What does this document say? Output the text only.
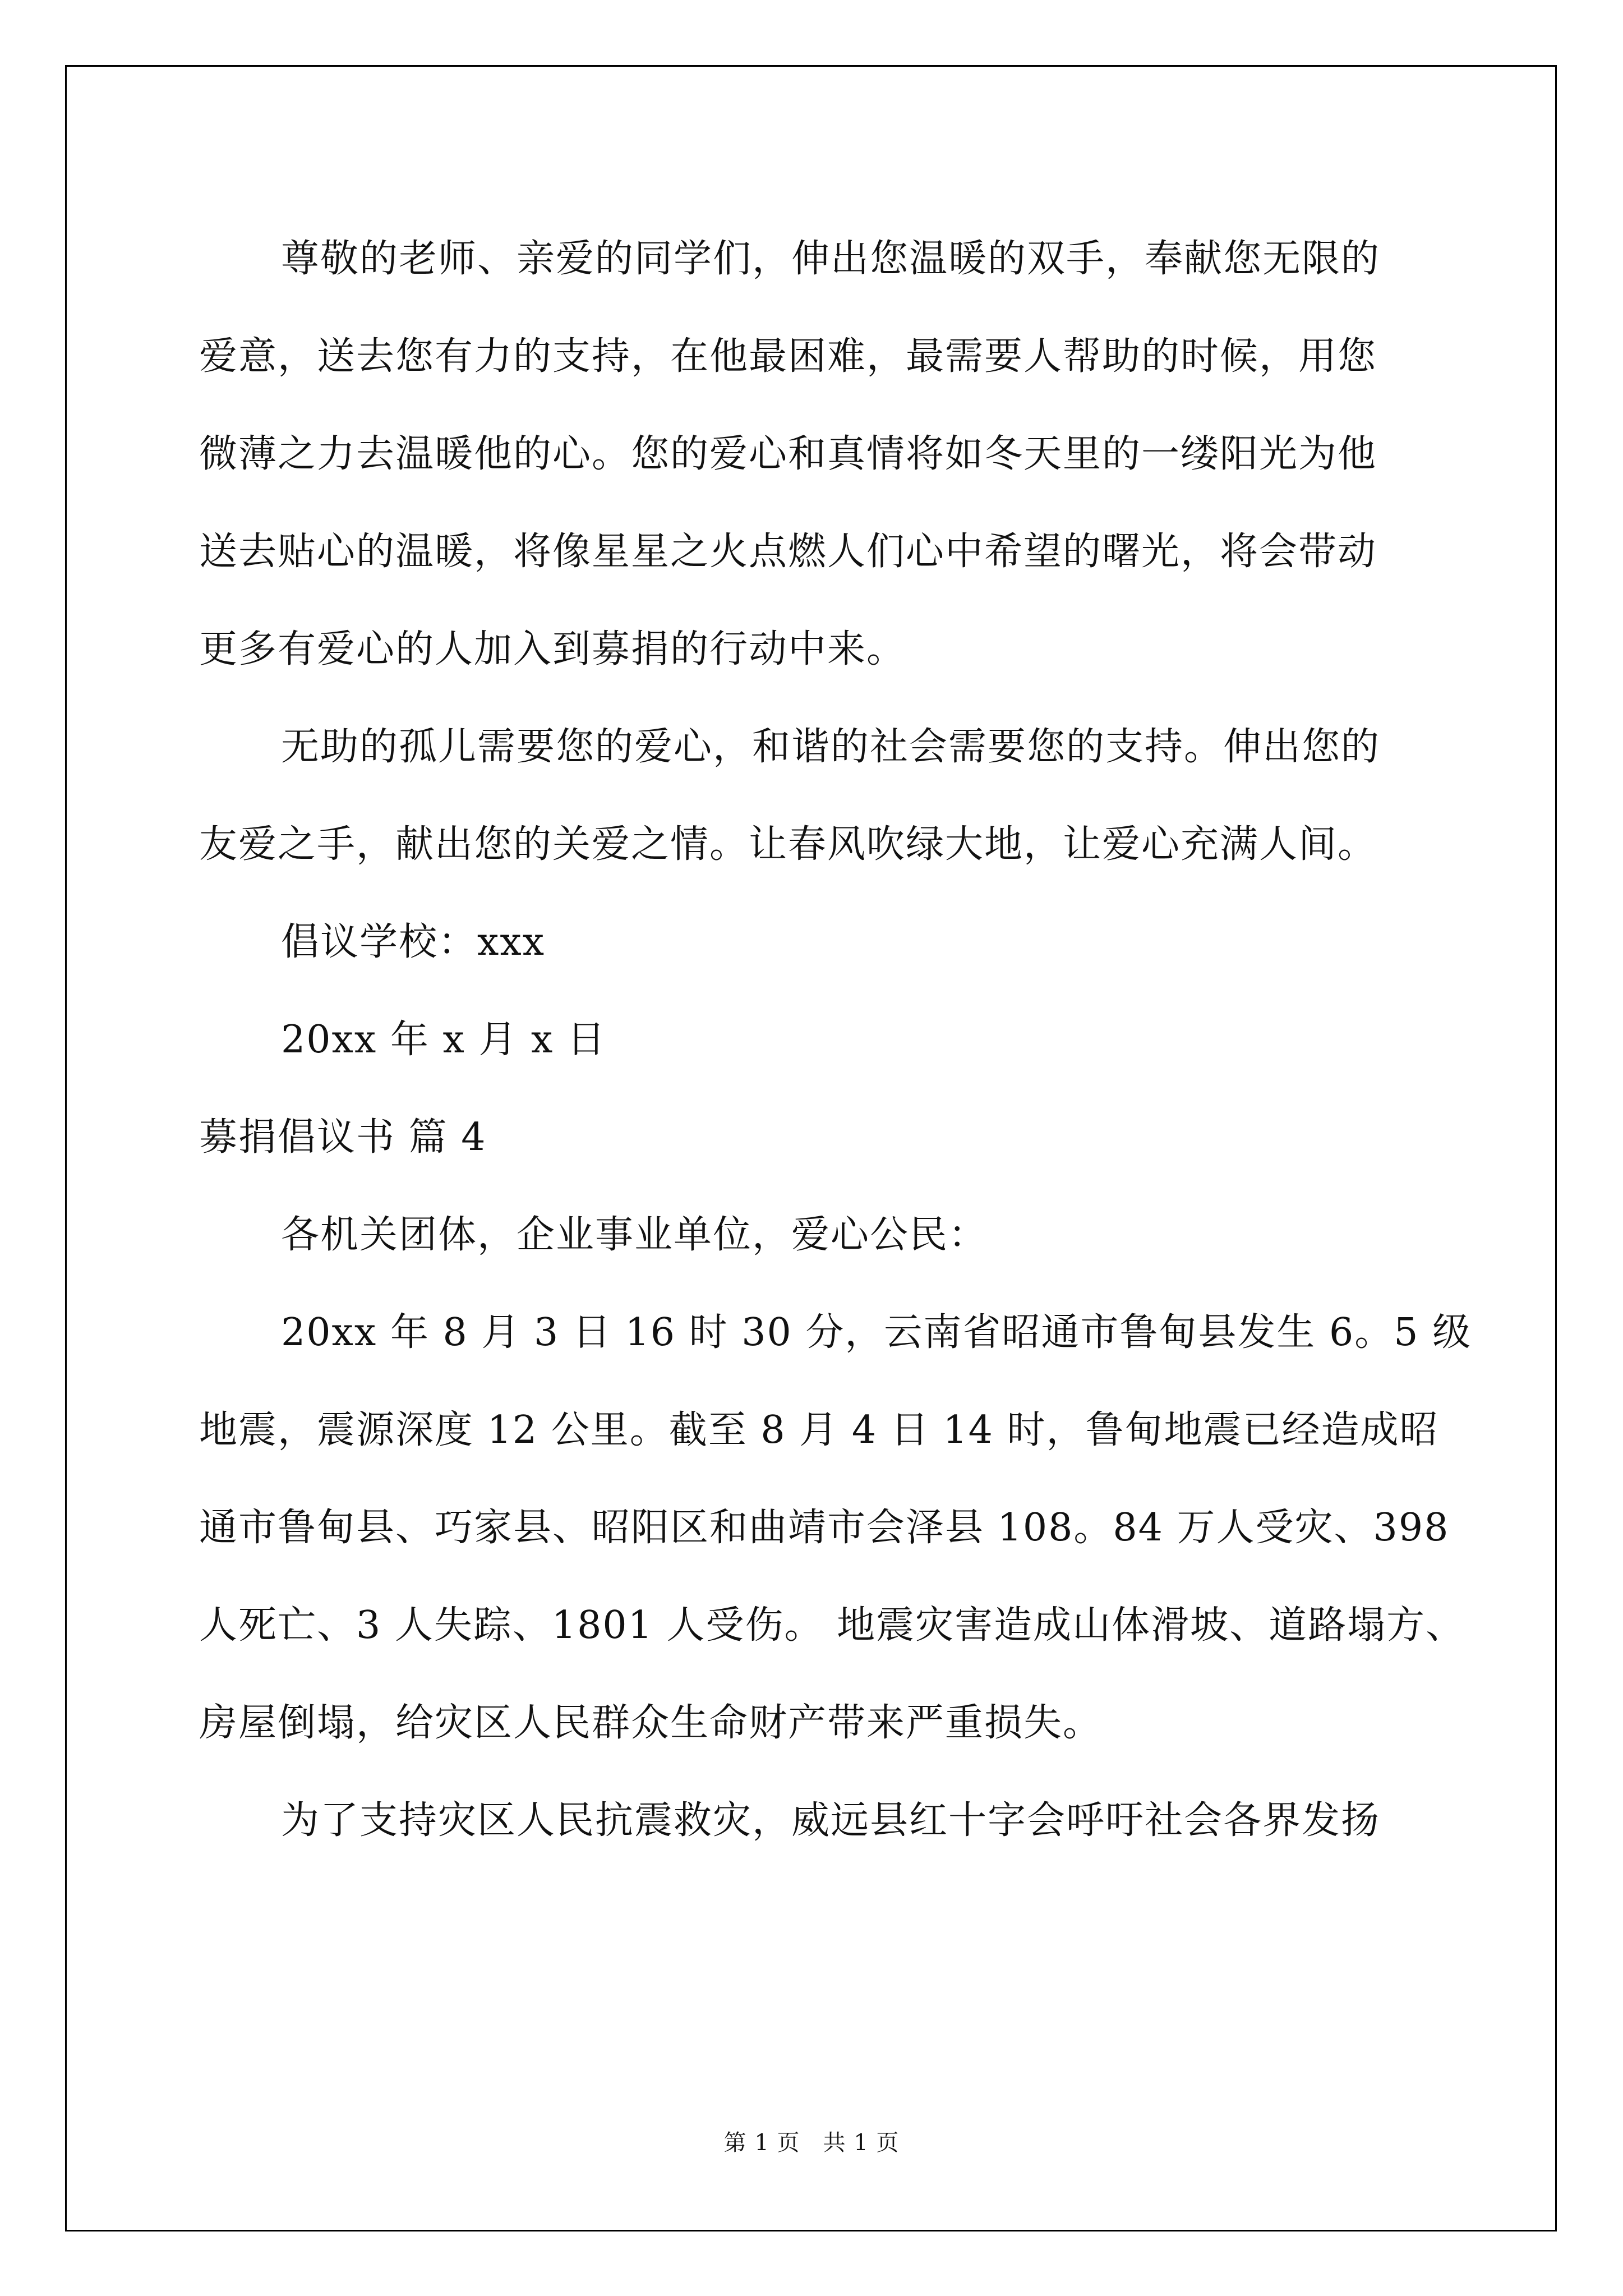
尊敬的老师、亲爱的同学们，伸出您温暖的双手，奉献您无限的
爱意，送去您有力的支持，在他最困难，最需要人帮助的时候，用您
微薄之力去温暖他的心。您的爱心和真情将如冬天里的一缕阳光为他
送去贴心的温暖，将像星星之火点燃人们心中希望的曙光，将会带动
更多有爱心的人加入到募捐的行动中来。

无助的孤儿需要您的爱心，和谐的社会需要您的支持。伸出您的
友爱之手，献出您的关爱之情。让春风吹绿大地，让爱心充满人间。

倡议学校：xxx

20xx 年 x 月 x 日

募捐倡议书 篇 4

各机关团体，企业事业单位，爱心公民：

20xx 年 8 月 3 日 16 时 30 分，云南省昭通市鲁甸县发生 6。5 级
地震，震源深度 12 公里。截至 8 月 4 日 14 时，鲁甸地震已经造成昭
通市鲁甸县、巧家县、昭阳区和曲靖市会泽县 108。84 万人受灾、398
人死亡、3 人失踪、1801 人受伤。 地震灾害造成山体滑坡、道路塌方、
房屋倒塌，给灾区人民群众生命财产带来严重损失。

为了支持灾区人民抗震救灾，威远县红十字会呼吁社会各界发扬

第 1 页　 共 1 页
